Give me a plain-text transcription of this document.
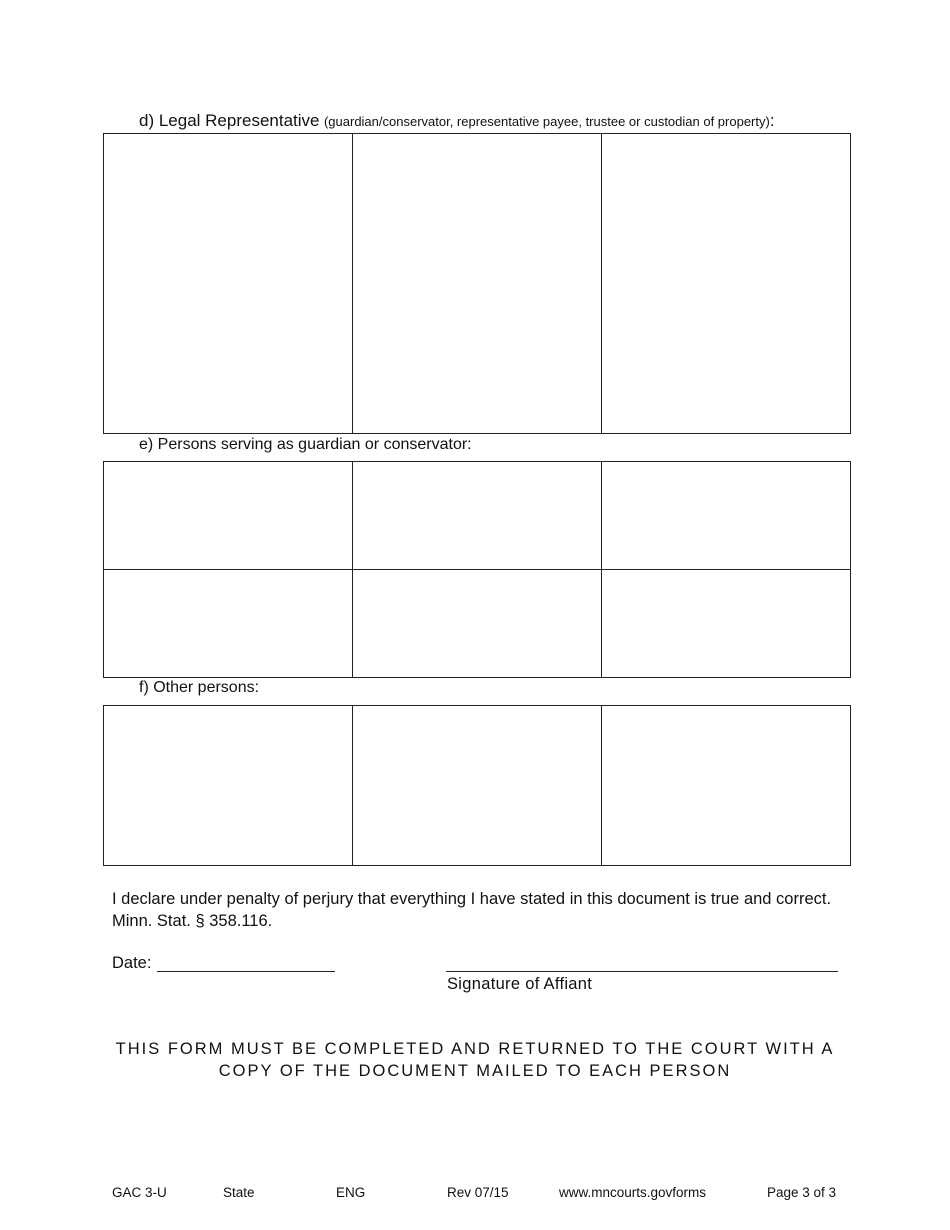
d) Legal Representative (guardian/conservator, representative payee, trustee or custodian of property):

e) Persons serving as guardian or conservator:

f) Other persons:

I declare under penalty of perjury that everything I have stated in this document is true and correct. Minn. Stat. § 358.116.
Date:
Signature of Affiant
THIS FORM MUST BE COMPLETED AND RETURNED TO THE COURT WITH A
COPY OF THE DOCUMENT MAILED TO EACH PERSON
GAC 3-U	State	ENG	Rev 07/15	www.mncourts.govforms	Page 3 of 3
